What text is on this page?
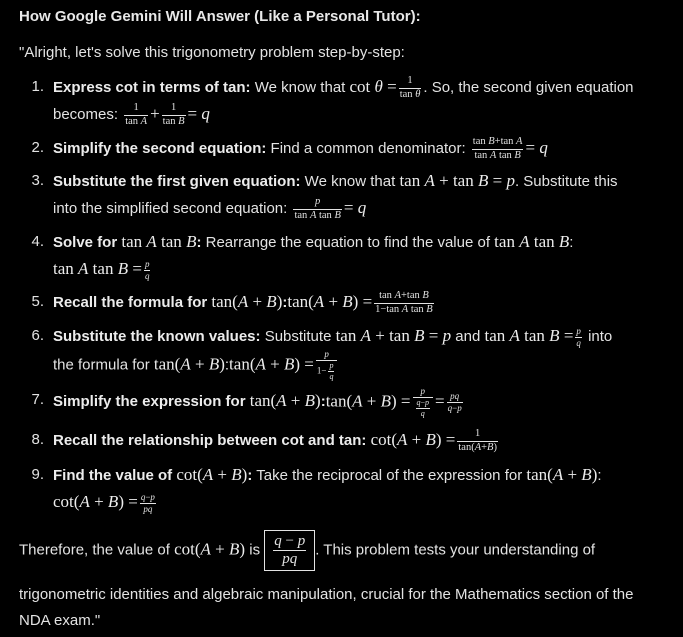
How Google Gemini Will Answer (Like a Personal Tutor):
"Alright, let's solve this trigonometry problem step-by-step:
1. Express cot in terms of tan: We know that $\cot \theta = \frac{1}{\text{tan θ}}$ . So, the second given equation
becomes: $\frac{1}{\text{tan A}} + \frac{1}{\text{tan B}} = q$
2. Simplify the second equation: Find a common denominator: $\frac{\text{tan B+tan A}}{\text{tan A tan B}} = q$
3. Substitute the first given equation: We know that tan A + tan B = p. Substitute this
into the simplified second equation: $\frac{p}{\text{tan A tan B}} = q$
4. Solve for tan A tan B: Rearrange the equation to find the value of tan A tan B:
tan A $\tan B = \frac{p}{q}$
5. Recall the formula for tan(A + B):tan(A + $B) = \frac{\text{tan A+tan B}}{\text{1−tan A tan B}}$
6. Substitute the known values: Substitute tan A + tan B = p and tan A $\tan B = \frac{p}{q}$ into
the formula for tan(A + B):tan(A + $B) = \frac{p}{1- \frac{p}{q}}$
7. Simplify the expression for tan(A + B):tan(A + $B) = \frac{p}{\frac{q-p}{q}} = \frac{pq}{q-p}$
8. Recall the relationship between cot and tan: $\cot(A + B) = \frac{1}{\tan(A+B)}$
9. Find the value of cot(A + B): Take the reciprocal of the expression for tan(A + B):
$\cot(A + B) = \frac{q-p}{pq}$
Therefore, the value of cot(A + B) is $\frac{q - p}{pq}$ . This problem tests your understanding of
trigonometric identities and algebraic manipulation, crucial for the Mathematics section of the
NDA exam."
